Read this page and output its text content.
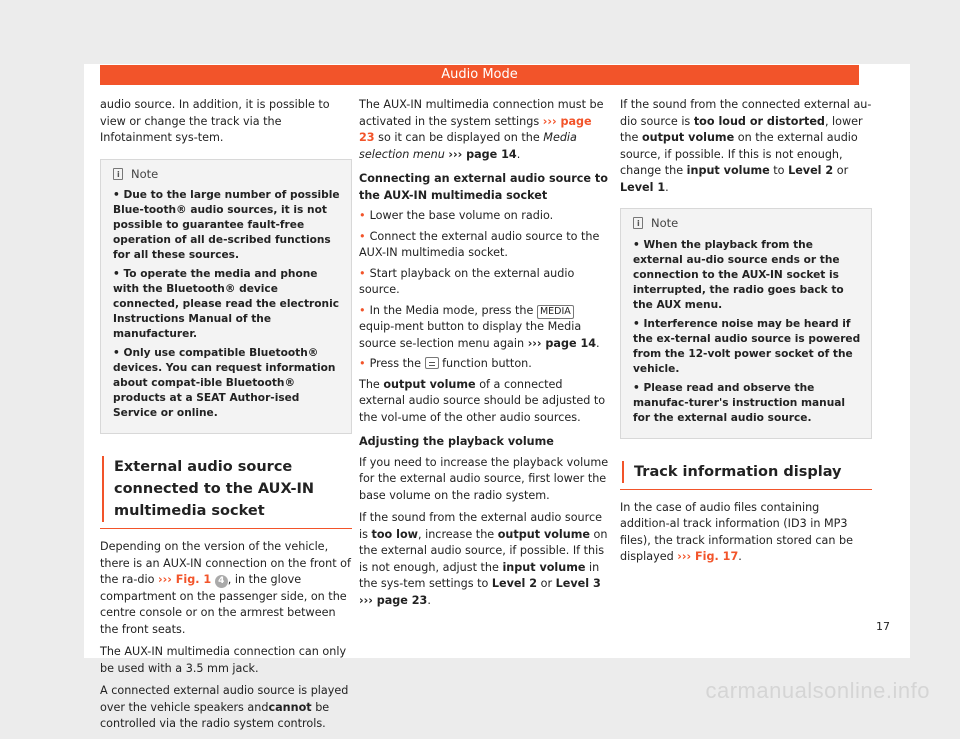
Audio Mode

audio source. In addition, it is possible to view or change the track via the Infotainment sys-tem.

iNote
• Due to the large number of possible Blue-tooth® audio sources, it is not possible to guarantee fault-free operation of all de-scribed functions for all these sources.
• To operate the media and phone with the Bluetooth® device connected, please read the electronic Instructions Manual of the manufacturer.
• Only use compatible Bluetooth® devices. You can request information about compat-ible Bluetooth® products at a SEAT Author-ised Service or online.
External audio source connected to the AUX-IN multimedia socket

Depending on the version of the vehicle, there is an AUX-IN connection on the front of the ra-dio ››› Fig. 1 4 , in the glove compartment on the passenger side, on the centre console or on the armrest between the front seats.

The AUX-IN multimedia connection can only be used with a 3.5 mm jack.

A connected external audio source is played over the vehicle speakers andcannot be controlled via the radio system controls.

The AUX-IN multimedia connection must be activated in the system settings ››› page 23 so it can be displayed on the Media selection menu ››› page 14.

Connecting an external audio source to the AUX-IN multimedia socket
• Lower the base volume on radio.
• Connect the external audio source to the AUX-IN multimedia socket.
• Start playback on the external audio source.
• In the Media mode, press the MEDIA equip-ment button to display the Media source se-lection menu again ››› page 14.
• Press the function button.

The output volume of a connected external audio source should be adjusted to the vol-ume of the other audio sources.

Adjusting the playback volume

If you need to increase the playback volume for the external audio source, first lower the base volume on the radio system.

If the sound from the external audio source is too low, increase the output volume on the external audio source, if possible. If this is not enough, adjust the input volume in the sys-tem settings to Level 2 or Level 3 ››› page 23.

If the sound from the connected external au-dio source is too loud or distorted, lower the output volume on the external audio source, if possible. If this is not enough, change the input volume to Level 2 or Level 1.

iNote
• When the playback from the external au-dio source ends or the connection to the AUX-IN socket is interrupted, the radio goes back to the AUX menu.
• Interference noise may be heard if the ex-ternal audio source is powered from the 12-volt power socket of the vehicle.
• Please read and observe the manufac-turer's instruction manual for the external audio source.
Track information display

In the case of audio files containing addition-al track information (ID3 in MP3 files), the track information stored can be displayed ››› Fig. 17.

17
carmanualsonline.info
